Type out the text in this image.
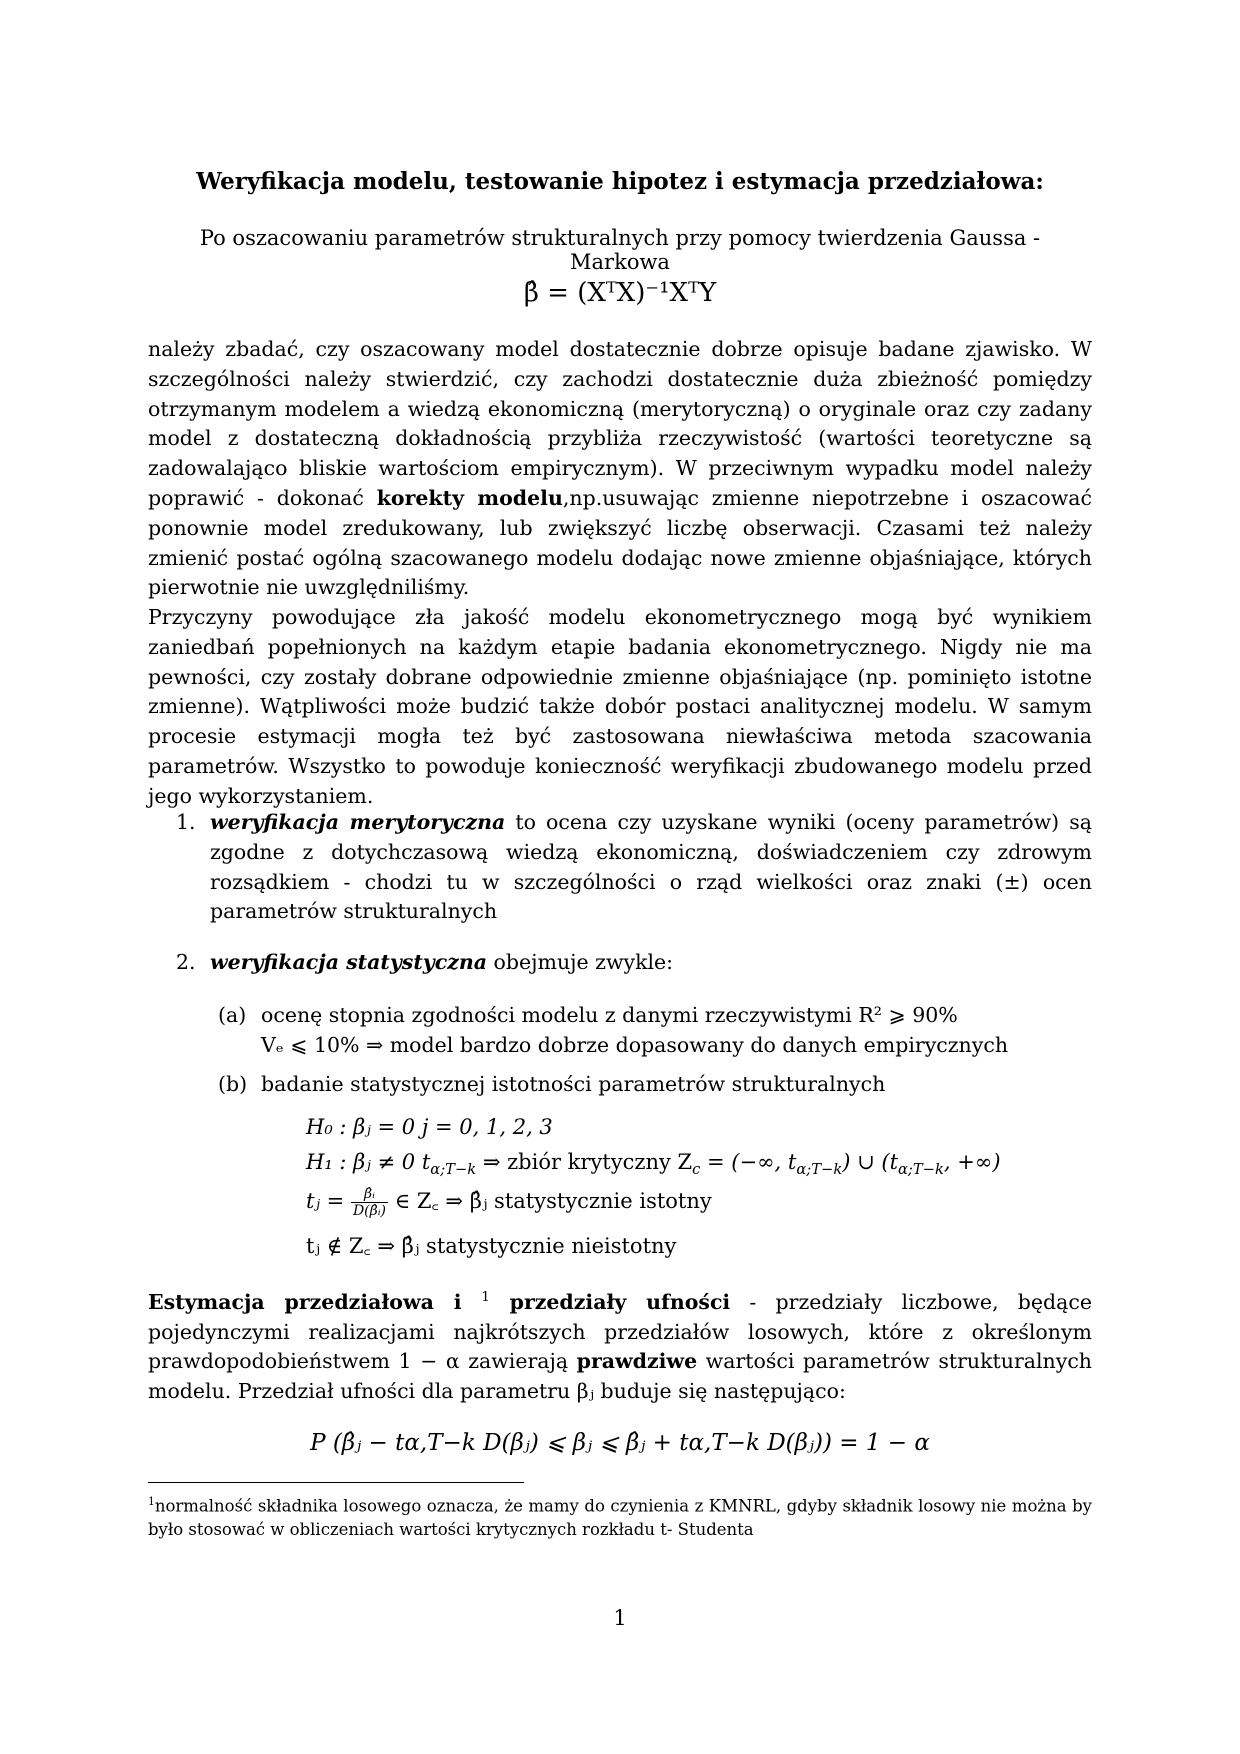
Weryfikacja modelu, testowanie hipotez i estymacja przedziałowa:
Po oszacowaniu parametrów strukturalnych przy pomocy twierdzenia Gaussa - Markowa
β̂ = (XᵀX)⁻¹XᵀY
należy zbadać, czy oszacowany model dostatecznie dobrze opisuje badane zjawisko. W szczególności należy stwierdzić, czy zachodzi dostatecznie duża zbieżność pomiędzy otrzymanym modelem a wiedzą ekonomiczną (merytoryczną) o oryginale oraz czy zadany model z dostateczną dokładnością przybliża rzeczywistość (wartości teoretyczne są zadowalająco bliskie wartościom empirycznym). W przeciwnym wypadku model należy poprawić - dokonać korekty modelu,np.usuwając zmienne niepotrzebne i oszacować ponownie model zredukowany, lub zwiększyć liczbę obserwacji. Czasami też należy zmienić postać ogólną szacowanego modelu dodając nowe zmienne objaśniające, których pierwotnie nie uwzględniliśmy.
Przyczyny powodujące zła jakość modelu ekonometrycznego mogą być wynikiem zaniedbań popełnionych na każdym etapie badania ekonometrycznego. Nigdy nie ma pewności, czy zostały dobrane odpowiednie zmienne objaśniające (np. pominięto istotne zmienne). Wątpliwości może budzić także dobór postaci analitycznej modelu. W samym procesie estymacji mogła też być zastosowana niewłaściwa metoda szacowania parametrów. Wszystko to powoduje konieczność weryfikacji zbudowanego modelu przed jego wykorzystaniem.
1. weryfikacja merytoryczna to ocena czy uzyskane wyniki (oceny parametrów) są zgodne z dotychczasową wiedzą ekonomiczną, doświadczeniem czy zdrowym rozsądkiem - chodzi tu w szczególności o rząd wielkości oraz znaki (±) ocen parametrów strukturalnych
2. weryfikacja statystyczna obejmuje zwykle:
(a) ocenę stopnia zgodności modelu z danymi rzeczywistymi R² ⩾ 90%
Vₑ ⩽ 10% ⇒ model bardzo dobrze dopasowany do danych empirycznych
(b) badanie statystycznej istotności parametrów strukturalnych
H₀ : βⱼ = 0 j = 0, 1, 2, 3
H₁ : βⱼ ≠ 0 $t_{\alpha;T-k}$ ⇒ zbiór krytyczny $Z_c$ = (−∞, $t_{\alpha;T-k}$) ∪ ($t_{\alpha;T-k}$, +∞)
tⱼ = $\frac{\text{β̂ᵢ}}{\text{D(β̂ᵢ)}}$ ∈ Z꜀ ⇒ β̂ⱼ statystycznie istotny
tⱼ ∉ Z꜀ ⇒ β̂ⱼ statystycznie nieistotny
Estymacja przedziałowa i $^1$ przedziały ufności - przedziały liczbowe, będące pojedynczymi realizacjami najkrótszych przedziałów losowych, które z określonym prawdopodobieństwem 1 − α zawierają prawdziwe wartości parametrów strukturalnych modelu. Przedział ufności dla parametru βⱼ buduje się następująco:
P (β̂ⱼ − tα,T−k D(βⱼ) ⩽ βⱼ ⩽ β̂ⱼ + tα,T−k D(βⱼ)) = 1 − α
$^1$normalność składnika losowego oznacza, że mamy do czynienia z KMNRL, gdyby składnik losowy nie można by było stosować w obliczeniach wartości krytycznych rozkładu t- Studenta
1
